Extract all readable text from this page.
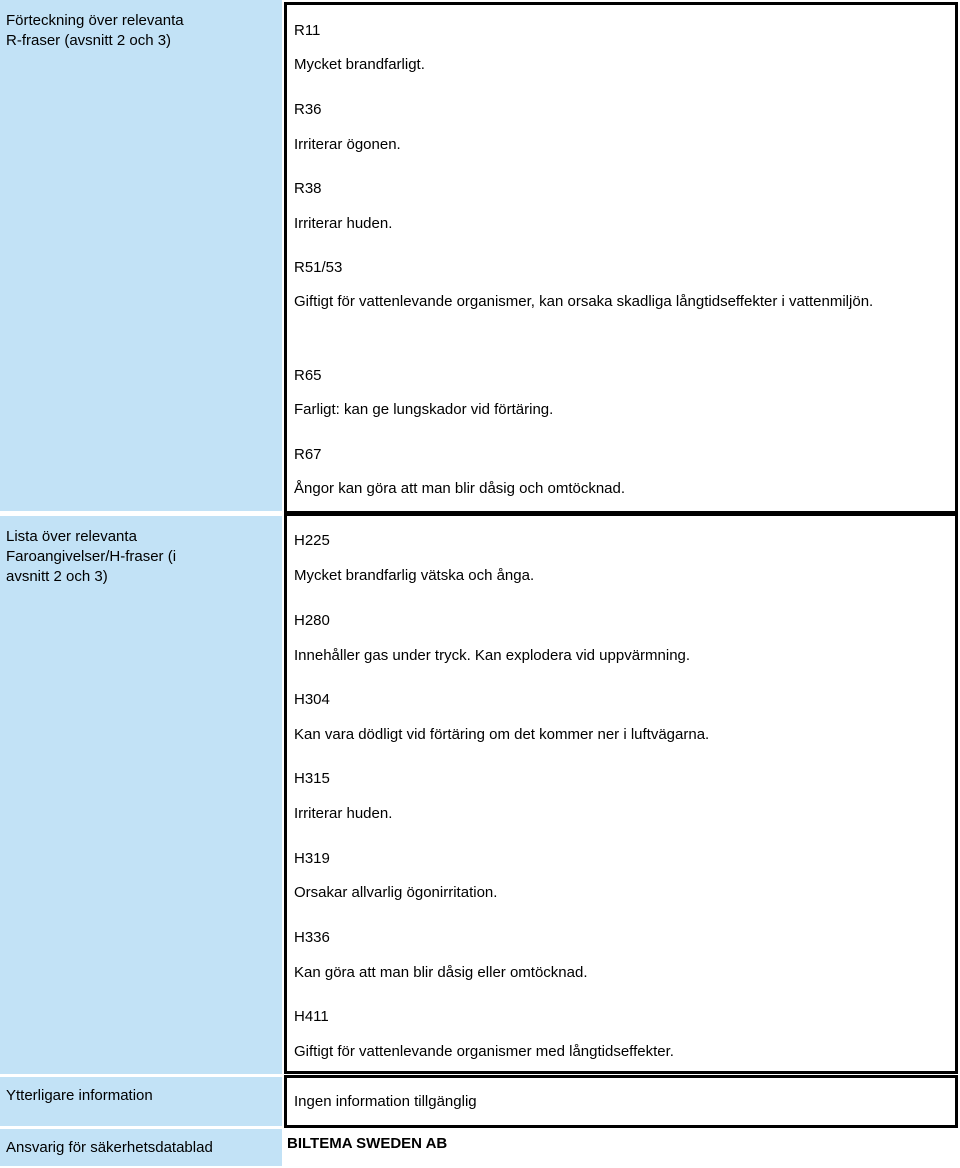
Förteckning över relevanta
R-fraser (avsnitt 2 och 3)
R11
Mycket brandfarligt.
R36
Irriterar ögonen.
R38
Irriterar huden.
R51/53
Giftigt för vattenlevande organismer, kan orsaka skadliga långtidseffekter i vattenmiljön.
R65
Farligt: kan ge lungskador vid förtäring.
R67
Ångor kan göra att man blir dåsig och omtöcknad.
Lista över relevanta
Faroangivelser/H-fraser (i
avsnitt 2 och 3)
H225
Mycket brandfarlig vätska och ånga.
H280
Innehåller gas under tryck. Kan explodera vid uppvärmning.
H304
Kan vara dödligt vid förtäring om det kommer ner i luftvägarna.
H315
Irriterar huden.
H319
Orsakar allvarlig ögonirritation.
H336
Kan göra att man blir dåsig eller omtöcknad.
H411
Giftigt för vattenlevande organismer med långtidseffekter.
Ytterligare information	Ingen information tillgänglig
Ansvarig för säkerhetsdatablad	BILTEMA SWEDEN AB
